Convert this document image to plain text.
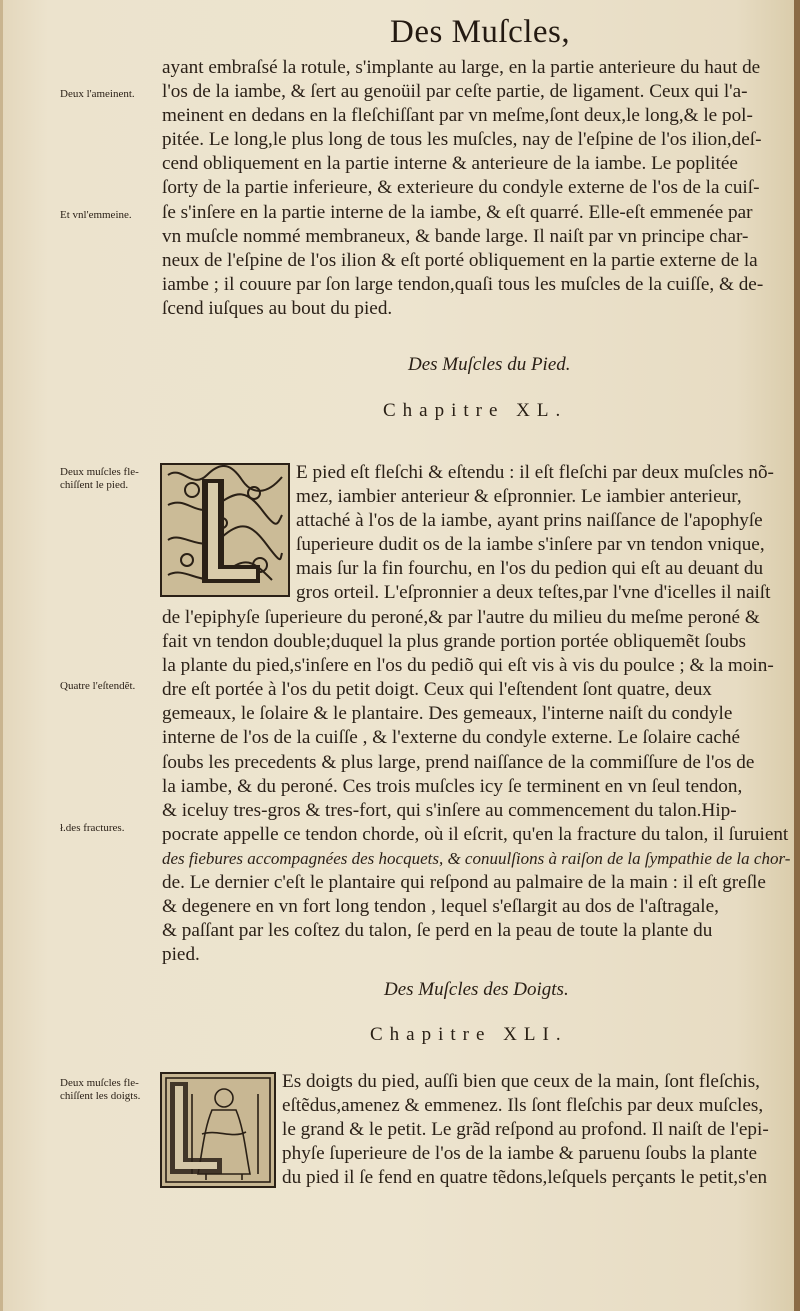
Des Muſcles,
Deux l'ameinent.
Et vnl'emmeine.
Deux muſcles fle-chiſſent le pied.
Quatre l'eſtendẽt.
ł.des fractures.
Deux muſcles fle-chiſſent les doigts.
ayant embraſsé la rotule, s'implante au large, en la partie anterieure du haut de
l'os de la iambe, & ſert au genoüil par ceſte partie, de ligament. Ceux qui l'a-
meinent en dedans en la fleſchiſſant par vn meſme,ſont deux,le long,& le pol-
pitée. Le long,le plus long de tous les muſcles, nay de l'eſpine de l'os ilion,deſ-
cend obliquement en la partie interne & anterieure de la iambe. Le poplitée
ſorty de la partie inferieure, & exterieure du condyle externe de l'os de la cuiſ-
ſe s'inſere en la partie interne de la iambe, & eſt quarré. Elle-eſt emmenée par
vn muſcle nommé membraneux, & bande large. Il naiſt par vn principe char-
neux de l'eſpine de l'os ilion & eſt porté obliquement en la partie externe de la
iambe ; il couure par ſon large tendon,quaſi tous les muſcles de la cuiſſe, & de-
ſcend iuſques au bout du pied.
Des Muſcles du Pied.
Chapitre XL.
E pied eſt fleſchi & eſtendu : il eſt fleſchi par deux muſcles nõ-
mez, iambier anterieur & eſpronnier. Le iambier anterieur,
attaché à l'os de la iambe, ayant prins naiſſance de l'apophyſe
ſuperieure dudit os de la iambe s'inſere par vn tendon vnique,
mais ſur la fin fourchu, en l'os du pedion qui eſt au deuant du
gros orteil. L'eſpronnier a deux teſtes,par l'vne d'icelles il naiſt
de l'epiphyſe ſuperieure du peroné,& par l'autre du milieu du meſme peroné &
fait vn tendon double;duquel la plus grande portion portée obliquemẽt ſoubs
la plante du pied,s'inſere en l'os du pediõ qui eſt vis à vis du poulce ; & la moin-
dre eſt portée à l'os du petit doigt. Ceux qui l'eſtendent ſont quatre, deux
gemeaux, le ſolaire & le plantaire. Des gemeaux, l'interne naiſt du condyle
interne de l'os de la cuiſſe , & l'externe du condyle externe. Le ſolaire caché
ſoubs les precedents & plus large, prend naiſſance de la commiſſure de l'os de
la iambe, & du peroné. Ces trois muſcles icy ſe terminent en vn ſeul tendon,
& iceluy tres-gros & tres-fort, qui s'inſere au commencement du talon.Hip-
pocrate appelle ce tendon chorde, où il eſcrit, qu'en la fracture du talon, il ſuruient
des fiebures accompagnées des hocquets, & conuulſions à raiſon de la ſympathie de la chor-
de. Le dernier c'eſt le plantaire qui reſpond au palmaire de la main : il eſt greſle
& degenere en vn fort long tendon , lequel s'eſlargit au dos de l'aſtragale,
& paſſant par les coſtez du talon, ſe perd en la peau de toute la plante du
pied.
Des Muſcles des Doigts.
Chapitre XLI.
Es doigts du pied, auſſi bien que ceux de la main, ſont fleſchis,
eſtẽdus,amenez & emmenez. Ils ſont fleſchis par deux muſcles,
le grand & le petit. Le grãd reſpond au profond. Il naiſt de l'epi-
phyſe ſuperieure de l'os de la iambe & paruenu ſoubs la plante
du pied il ſe fend en quatre tẽdons,leſquels perçants le petit,s'en
